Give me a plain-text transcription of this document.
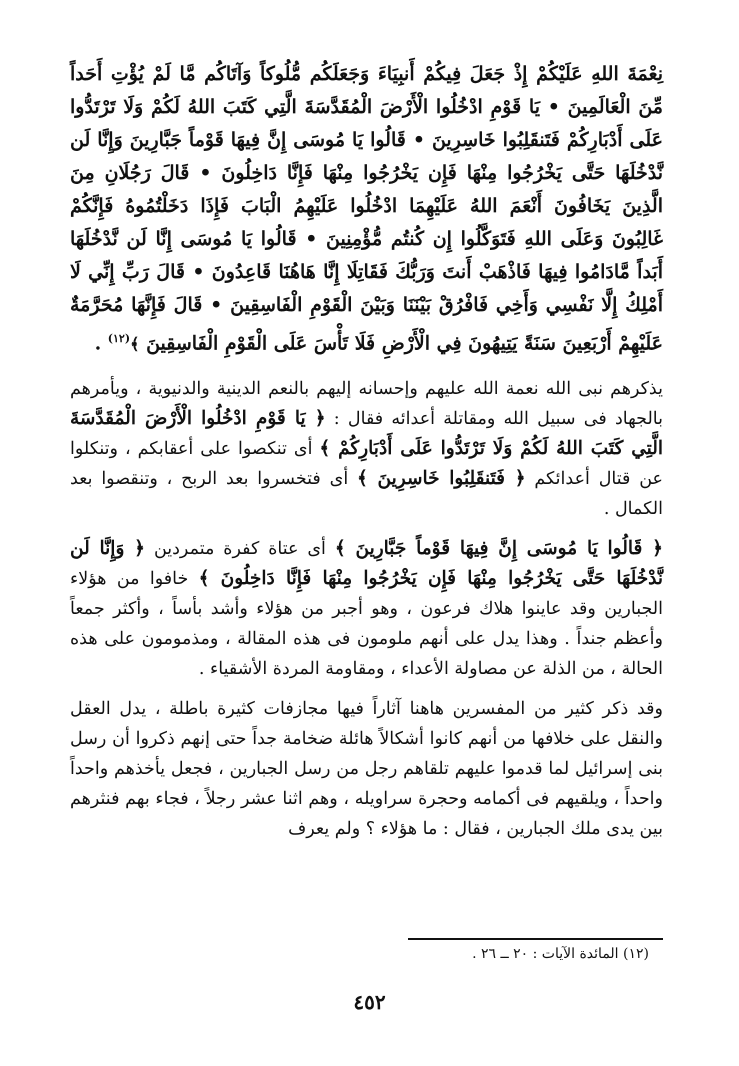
نِعْمَةَ اللهِ عَلَيْكُمْ إِذْ جَعَلَ فِيكُمْ أَنبِيَاءَ وَجَعَلَكُم مُّلُوكاً وَآتَاكُم مَّا لَمْ يُؤْتِ أَحَداً مِّنَ الْعَالَمِينَ • يَا قَوْمِ ادْخُلُوا الْأَرْضَ الْمُقَدَّسَةَ الَّتِي كَتَبَ اللهُ لَكُمْ وَلَا تَرْتَدُّوا عَلَى أَدْبَارِكُمْ فَتَنقَلِبُوا خَاسِرِينَ • قَالُوا يَا مُوسَى إِنَّ فِيهَا قَوْماً جَبَّارِينَ وَإِنَّا لَن نَّدْخُلَهَا حَتَّى يَخْرُجُوا مِنْهَا فَإِن يَخْرُجُوا مِنْهَا فَإِنَّا دَاخِلُونَ • قَالَ رَجُلَانِ مِنَ الَّذِينَ يَخَافُونَ أَنْعَمَ اللهُ عَلَيْهِمَا ادْخُلُوا عَلَيْهِمُ الْبَابَ فَإِذَا دَخَلْتُمُوهُ فَإِنَّكُمْ غَالِبُونَ وَعَلَى اللهِ فَتَوَكَّلُوا إِن كُنتُم مُّؤْمِنِينَ • قَالُوا يَا مُوسَى إِنَّا لَن نَّدْخُلَهَا أَبَداً مَّادَامُوا فِيهَا فَاذْهَبْ أَنتَ وَرَبُّكَ فَقَاتِلَا إِنَّا هَاهُنَا قَاعِدُونَ • قَالَ رَبِّ إِنِّي لَا أَمْلِكُ إِلَّا نَفْسِي وَأَخِي فَافْرُقْ بَيْنَنَا وَبَيْنَ الْقَوْمِ الْفَاسِقِينَ • قَالَ فَإِنَّهَا مُحَرَّمَةٌ عَلَيْهِمْ أَرْبَعِينَ سَنَةً يَتِيهُونَ فِي الْأَرْضِ فَلَا تَأْسَ عَلَى الْقَوْمِ الْفَاسِقِينَ ﴾$^{(١٢)}$ .

يذكرهم نبى الله نعمة الله عليهم وإحسانه إليهم بالنعم الدينية والدنيوية ، ويأمرهم بالجهاد فى سبيل الله ومقاتلة أعدائه فقال : ﴿ يَا قَوْمِ ادْخُلُوا الْأَرْضَ الْمُقَدَّسَةَ الَّتِي كَتَبَ اللهُ لَكُمْ وَلَا تَرْتَدُّوا عَلَى أَدْبَارِكُمْ ﴾ أى تنكصوا على أعقابكم ، وتنكلوا عن قتال أعدائكم ﴿ فَتَنقَلِبُوا خَاسِرِينَ ﴾ أى فتخسروا بعد الربح ، وتنقصوا بعد الكمال .

﴿ قَالُوا يَا مُوسَى إِنَّ فِيهَا قَوْماً جَبَّارِينَ ﴾ أى عتاة كفرة متمردين ﴿ وَإِنَّا لَن نَّدْخُلَهَا حَتَّى يَخْرُجُوا مِنْهَا فَإِن يَخْرُجُوا مِنْهَا فَإِنَّا دَاخِلُونَ ﴾ خافوا من هؤلاء الجبارين وقد عاينوا هلاك فرعون ، وهو أجبر من هؤلاء وأشد بأساً ، وأكثر جمعاً وأعظم جنداً . وهذا يدل على أنهم ملومون فى هذه المقالة ، ومذمومون على هذه الحالة ، من الذلة عن مصاولة الأعداء ، ومقاومة المردة الأشقياء .

وقد ذكر كثير من المفسرين هاهنا آثاراً فيها مجازفات كثيرة باطلة ، يدل العقل والنقل على خلافها من أنهم كانوا أشكالاً هائلة ضخامة جداً حتى إنهم ذكروا أن رسل بنى إسرائيل لما قدموا عليهم تلقاهم رجل من رسل الجبارين ، فجعل يأخذهم واحداً واحداً ، ويلقيهم فى أكمامه وحجرة سراويله ، وهم اثنا عشر رجلاً ، فجاء بهم فنثرهم بين يدى ملك الجبارين ، فقال : ما هؤلاء ؟ ولم يعرف

(١٢) المائدة الآيات : ٢٠ ــ ٢٦ .
٤٥٢
